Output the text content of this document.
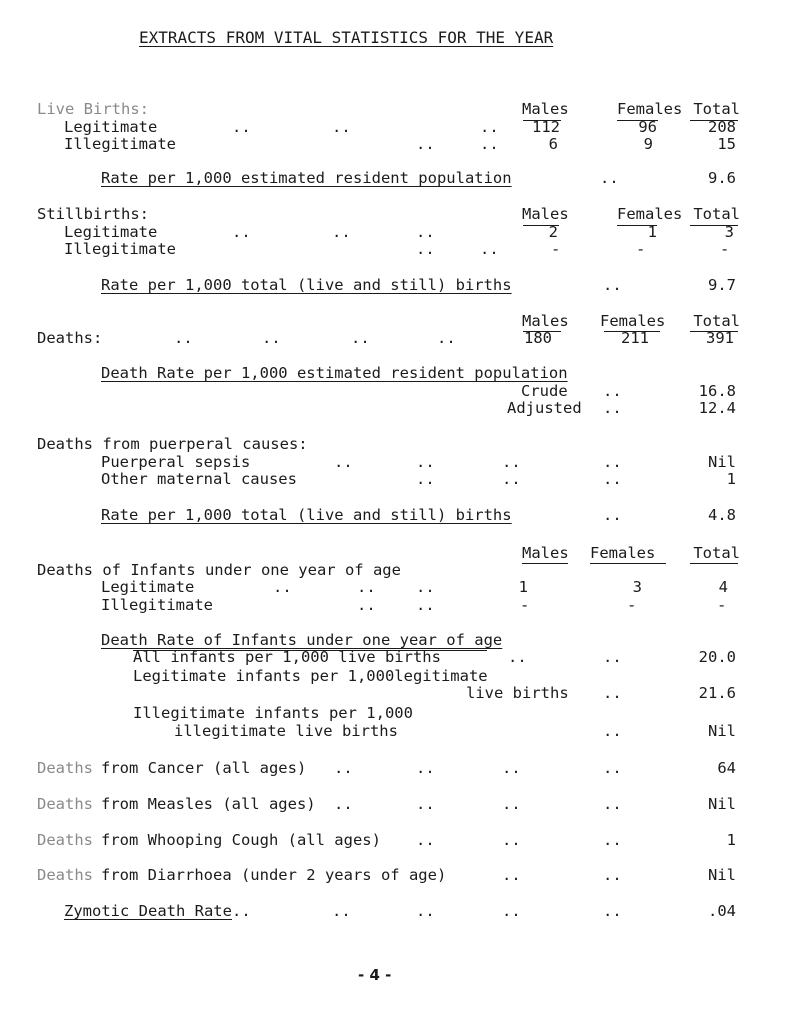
EXTRACTS FROM VITAL STATISTICS FOR THE YEAR
Live Births:	Males	Females Total
Legitimate	..	..	..	112	96	208
Illegitimate	..	..	6	9	15
Rate per 1,000 estimated resident population	..	9.6
Stillbirths:	Males	Females Total
Legitimate	..	..	..	2	1	3
Illegitimate	..	..	-	-	-
Rate per 1,000 total (live and still) births	..	9.7
Males Females	Total
Deaths:	..	..	..	..	180	211	391
Death Rate per 1,000 estimated resident population
Crude ..	16.8
Adjusted ..	12.4
Deaths from puerperal causes:
Puerperal sepsis	..	..	..	..	Nil
Other maternal causes	..	..	..	1
Rate per 1,000 total (live and still) births	..	4.8
Males Females	Total
Deaths of Infants under one year of age
Legitimate	..	..	..	1	3	4
Illegitimate	..	..	-	-	-
Death Rate of Infants under one year of age
All infants per 1,000 live births	..	..	20.0
Legitimate infants per 1,000legitimate
live births ..	21.6
Illegitimate infants per 1,000
illegitimate live births	..	Nil
Deaths from Cancer (all ages) ..	..	..	..	64
Deaths from Measles (all ages) ..	..	..	..	Nil
Deaths from Whooping Cough (all ages) ..	..	..	1
Deaths from Diarrhoea (under 2 years of age)	..	..	Nil
Zymotic Death Rate ..	..	..	..	..	.04
- 4 -
